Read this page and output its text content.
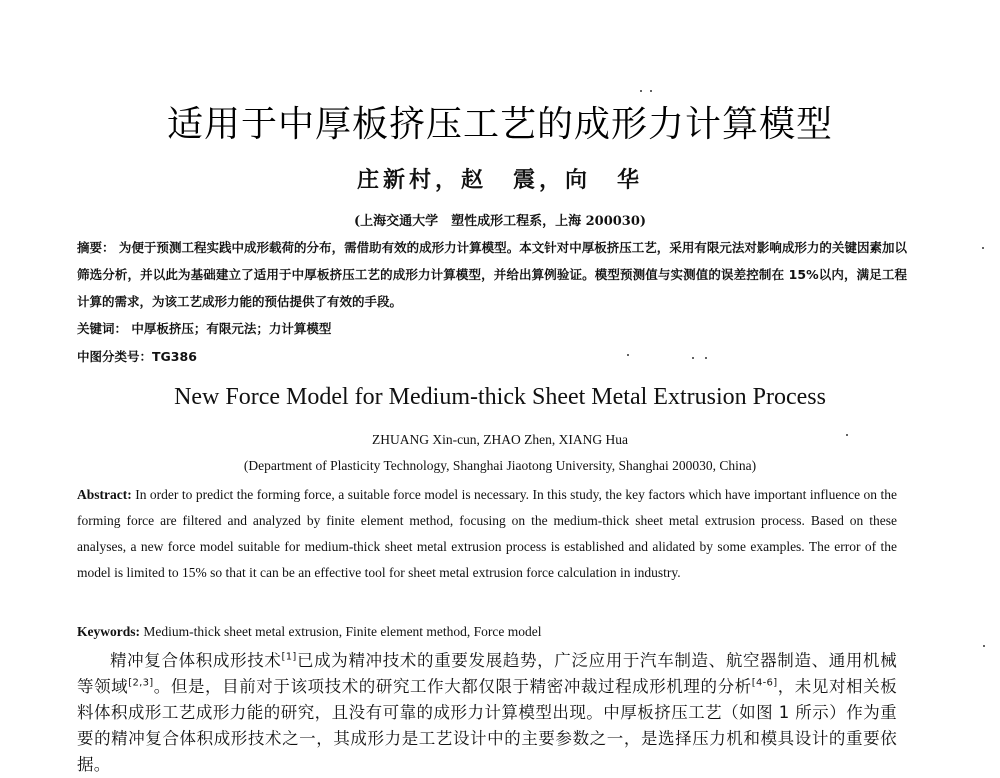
适用于中厚板挤压工艺的成形力计算模型
庄新村，赵　震，向　华
(上海交通大学　塑性成形工程系，上海 200030)
摘要： 为便于预测工程实践中成形载荷的分布，需借助有效的成形力计算模型。本文针对中厚板挤压工艺，采用有限元法对影响成形力的关键因素加以筛选分析，并以此为基础建立了适用于中厚板挤压工艺的成形力计算模型，并给出算例验证。模型预测值与实测值的误差控制在 15%以内，满足工程计算的需求，为该工艺成形力能的预估提供了有效的手段。
关键词： 中厚板挤压；有限元法；力计算模型
中图分类号：TG386
New Force Model for Medium-thick Sheet Metal Extrusion Process
ZHUANG Xin-cun, ZHAO Zhen, XIANG Hua
(Department of Plasticity Technology, Shanghai Jiaotong University, Shanghai 200030, China)
Abstract: In order to predict the forming force, a suitable force model is necessary. In this study, the key factors which have important influence on the forming force are filtered and analyzed by finite element method, focusing on the medium-thick sheet metal extrusion process. Based on these analyses, a new force model suitable for medium-thick sheet metal extrusion process is established and alidated by some examples. The error of the model is limited to 15% so that it can be an effective tool for sheet metal extrusion force calculation in industry.
Keywords: Medium-thick sheet metal extrusion, Finite element method, Force model
精冲复合体积成形技术[1]已成为精冲技术的重要发展趋势，广泛应用于汽车制造、航空器制造、通用机械等领域[2,3]。但是，目前对于该项技术的研究工作大都仅限于精密冲裁过程成形机理的分析[4-6]，未见对相关板料体积成形工艺成形力能的研究，且没有可靠的成形力计算模型出现。中厚板挤压工艺（如图 1 所示）作为重要的精冲复合体积成形技术之一，其成形力是工艺设计中的主要参数之一，是选择压力机和模具设计的重要依据。
